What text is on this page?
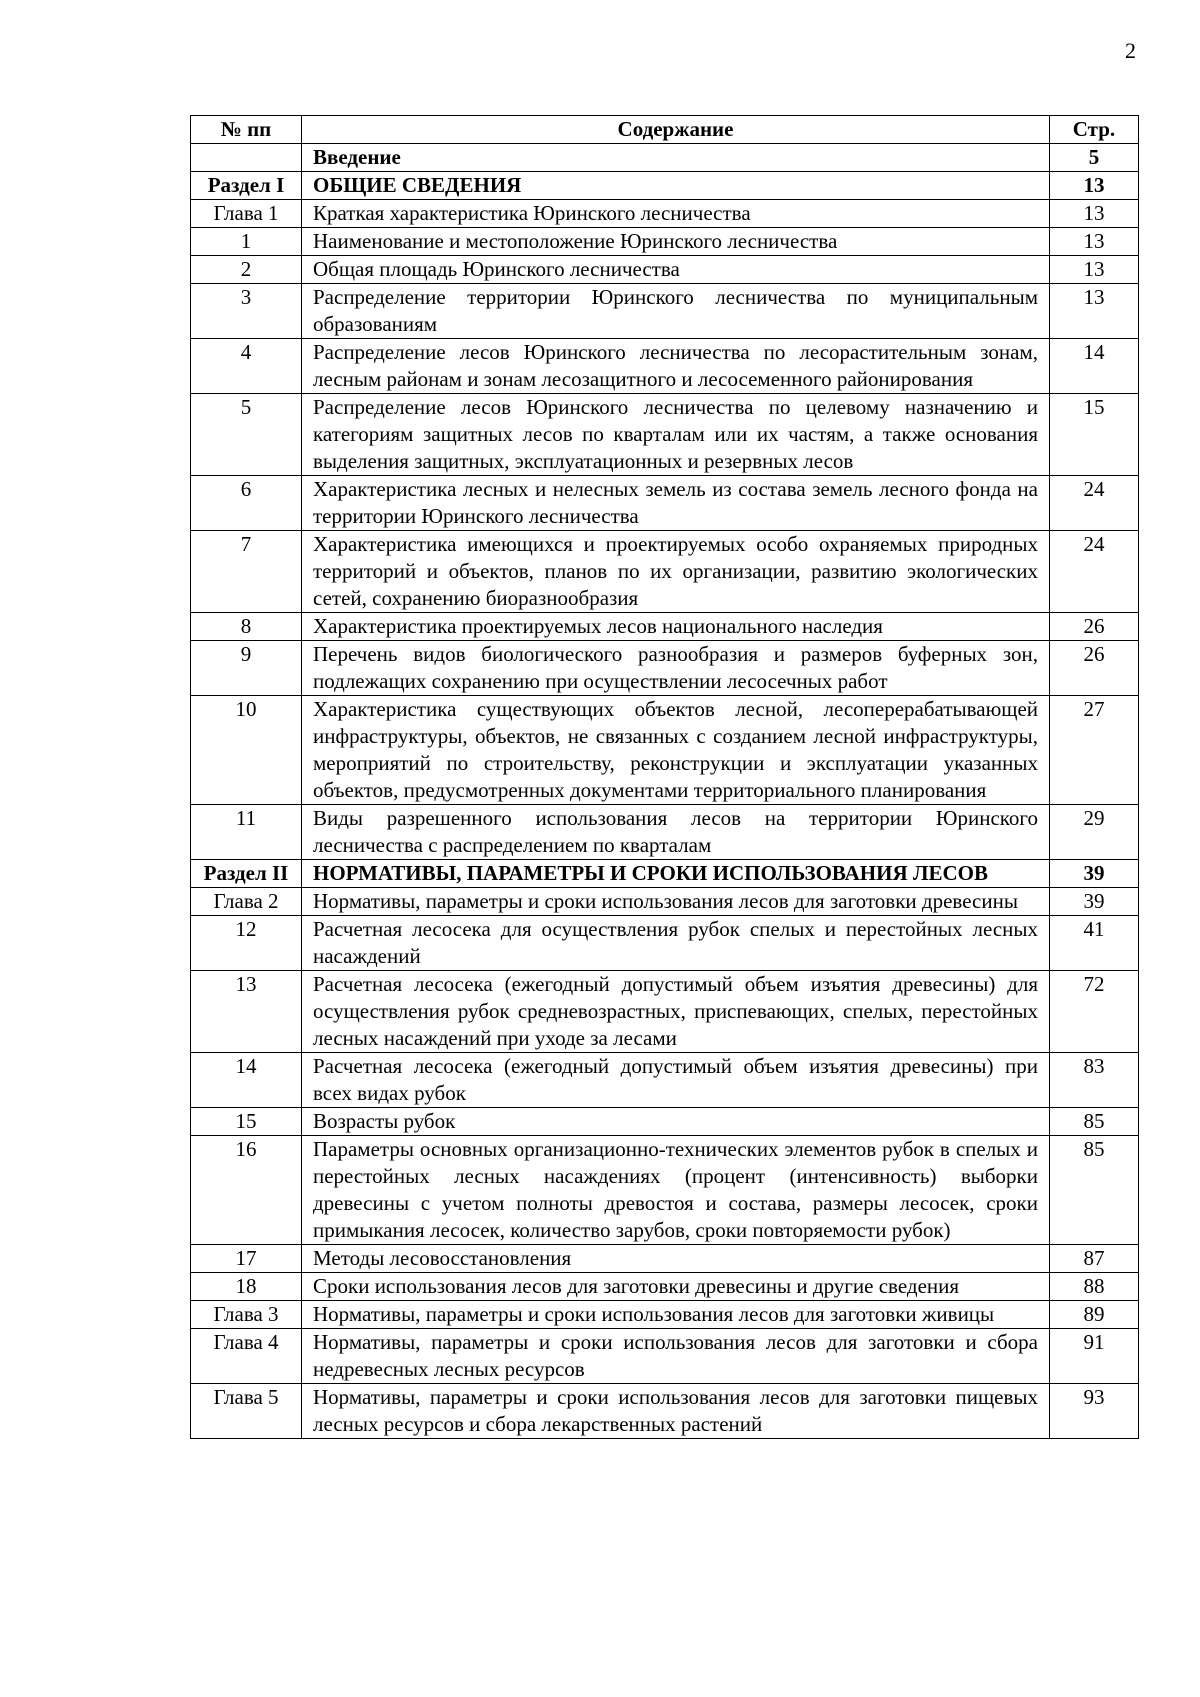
2
№ пп	Содержание	Стр.
	Введение	5
Раздел I	ОБЩИЕ СВЕДЕНИЯ	13
Глава 1	Краткая характеристика Юринского лесничества	13
1	Наименование и местоположение Юринского лесничества	13
2	Общая площадь Юринского лесничества	13
3	Распределение территории Юринского лесничества по муниципальным образованиям	13
4	Распределение лесов Юринского лесничества по лесорастительным зонам, лесным районам и зонам лесозащитного и лесосеменного районирования	14
5	Распределение лесов Юринского лесничества по целевому назначению и категориям защитных лесов по кварталам или их частям, а также основания выделения защитных, эксплуатационных и резервных лесов	15
6	Характеристика лесных и нелесных земель из состава земель лесного фонда на территории Юринского лесничества	24
7	Характеристика имеющихся и проектируемых особо охраняемых природных территорий и объектов, планов по их организации, развитию экологических сетей, сохранению биоразнообразия	24
8	Характеристика проектируемых лесов национального наследия	26
9	Перечень видов биологического разнообразия и размеров буферных зон, подлежащих сохранению при осуществлении лесосечных работ	26
10	Характеристика существующих объектов лесной, лесоперерабатывающей инфраструктуры, объектов, не связанных с созданием лесной инфраструктуры, мероприятий по строительству, реконструкции и эксплуатации указанных объектов, предусмотренных документами территориального планирования	27
11	Виды разрешенного использования лесов на территории Юринского лесничества с распределением по кварталам	29
Раздел II	НОРМАТИВЫ, ПАРАМЕТРЫ И СРОКИ ИСПОЛЬЗОВАНИЯ ЛЕСОВ	39
Глава 2	Нормативы, параметры и сроки использования лесов для заготовки древесины	39
12	Расчетная лесосека для осуществления рубок спелых и перестойных лесных насаждений	41
13	Расчетная лесосека (ежегодный допустимый объем изъятия древесины) для осуществления рубок средневозрастных, приспевающих, спелых, перестойных лесных насаждений при уходе за лесами	72
14	Расчетная лесосека (ежегодный допустимый объем изъятия древесины) при всех видах рубок	83
15	Возрасты рубок	85
16	Параметры основных организационно-технических элементов рубок в спелых и перестойных лесных насаждениях (процент (интенсивность) выборки древесины с учетом полноты древостоя и состава, размеры лесосек, сроки примыкания лесосек, количество зарубов, сроки повторяемости рубок)	85
17	Методы лесовосстановления	87
18	Сроки использования лесов для заготовки древесины и другие сведения	88
Глава 3	Нормативы, параметры и сроки использования лесов для заготовки живицы	89
Глава 4	Нормативы, параметры и сроки использования лесов для заготовки и сбора недревесных лесных ресурсов	91
Глава 5	Нормативы, параметры и сроки использования лесов для заготовки пищевых лесных ресурсов и сбора лекарственных растений	93
